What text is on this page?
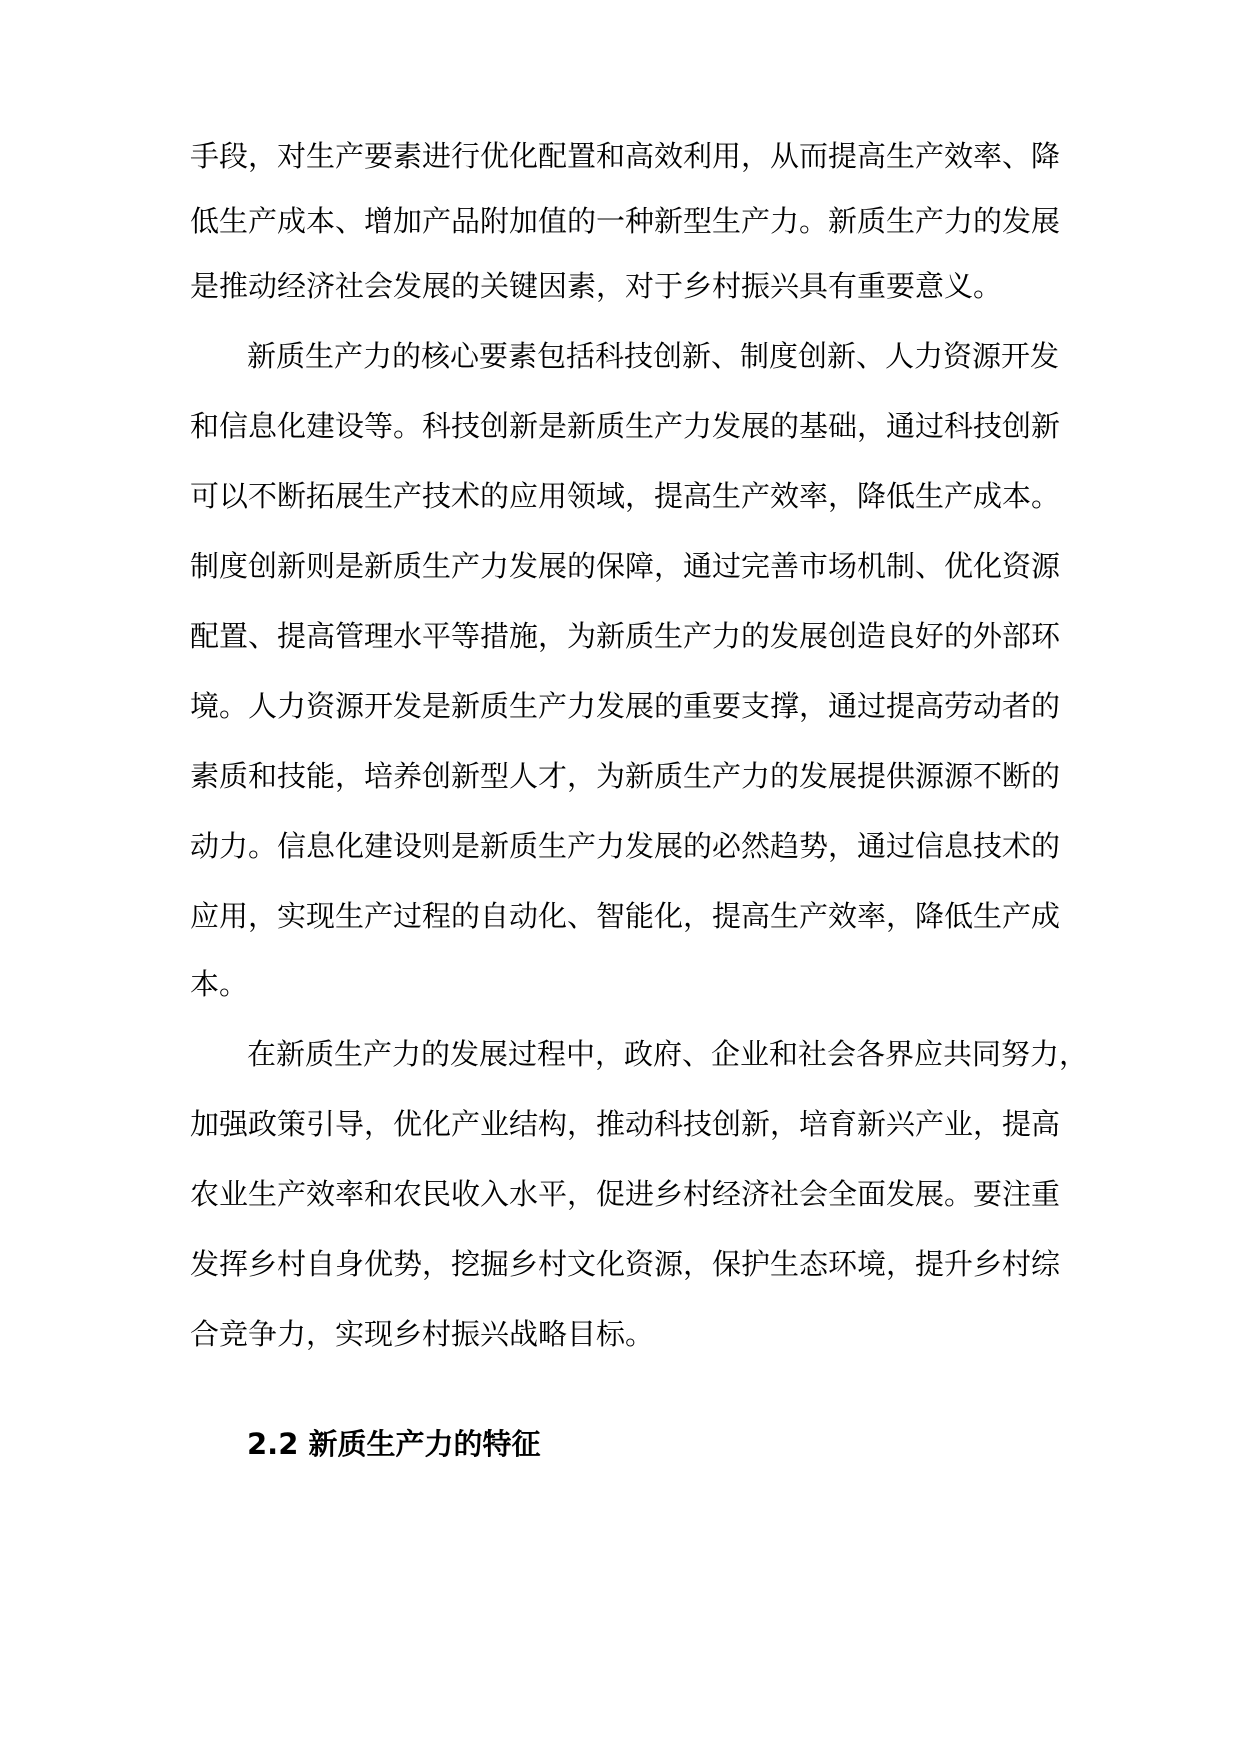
手段，对生产要素进行优化配置和高效利用，从而提高生产效率、降
低生产成本、增加产品附加值的一种新型生产力。新质生产力的发展
是推动经济社会发展的关键因素，对于乡村振兴具有重要意义。
新质生产力的核心要素包括科技创新、制度创新、人力资源开发
和信息化建设等。科技创新是新质生产力发展的基础，通过科技创新
可以不断拓展生产技术的应用领域，提高生产效率，降低生产成本。
制度创新则是新质生产力发展的保障，通过完善市场机制、优化资源
配置、提高管理水平等措施，为新质生产力的发展创造良好的外部环
境。人力资源开发是新质生产力发展的重要支撑，通过提高劳动者的
素质和技能，培养创新型人才，为新质生产力的发展提供源源不断的
动力。信息化建设则是新质生产力发展的必然趋势，通过信息技术的
应用，实现生产过程的自动化、智能化，提高生产效率，降低生产成
本。
在新质生产力的发展过程中，政府、企业和社会各界应共同努力，
加强政策引导，优化产业结构，推动科技创新，培育新兴产业，提高
农业生产效率和农民收入水平，促进乡村经济社会全面发展。要注重
发挥乡村自身优势，挖掘乡村文化资源，保护生态环境，提升乡村综
合竞争力，实现乡村振兴战略目标。
2.2 新质生产力的特征
